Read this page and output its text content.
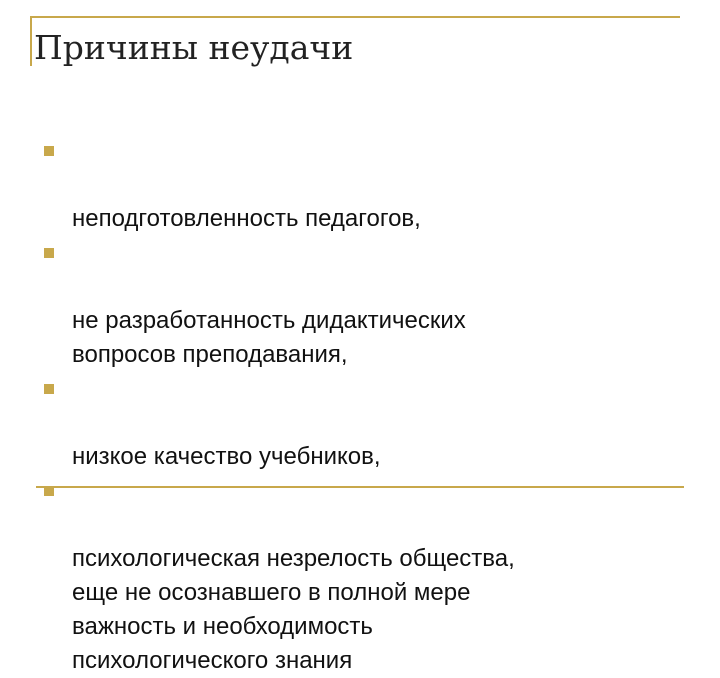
Причины неудачи

неподготовленность педагогов,

не разработанность дидактических
вопросов преподавания,

низкое качество учебников,

психологическая незрелость общества,
еще не осознавшего в полной мере
важность и необходимость
психологического знания
